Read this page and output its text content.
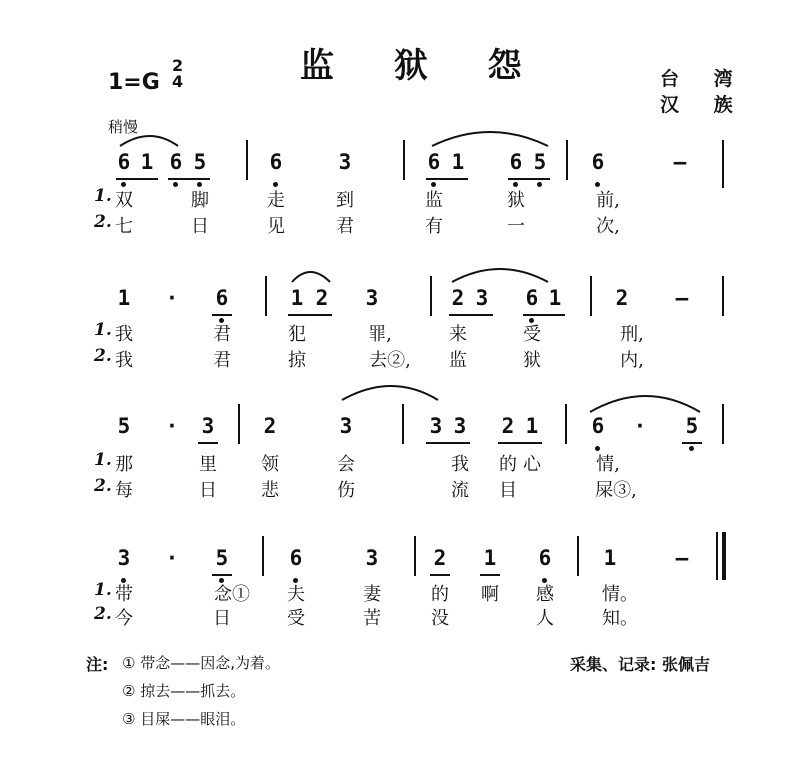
监 狱 怨
1=G
2
4	台 湾
汉 族
稍慢
6 1 6 5	6	3	6 1 6 5 6	–
1.
2.
双	脚	走	到	监	狱	前,
七	日	见	君	有	一	次,
1 · 6	1 2 3	2 3 6 1	2 –
1.
2.
我	君	犯	罪,	来	受	刑,
我	君	掠	去②, 监	狱	内,
5 · 3 2	3	3 3 2 1	6 · 5
1.
2.
那	里 领	会	我 的 心	情,
每	日 悲	伤	流 目	屎③,
3 · 5	6	3	2 1 6 1	–
1.
2.
带	念① 夫	妻	的 啊 感	情。
今	日	受	苦	没	人	知。
注: ① 带念——因念,为着。
② 掠去——抓去。
③ 目屎——眼泪。
采集、记录: 张佩吉
